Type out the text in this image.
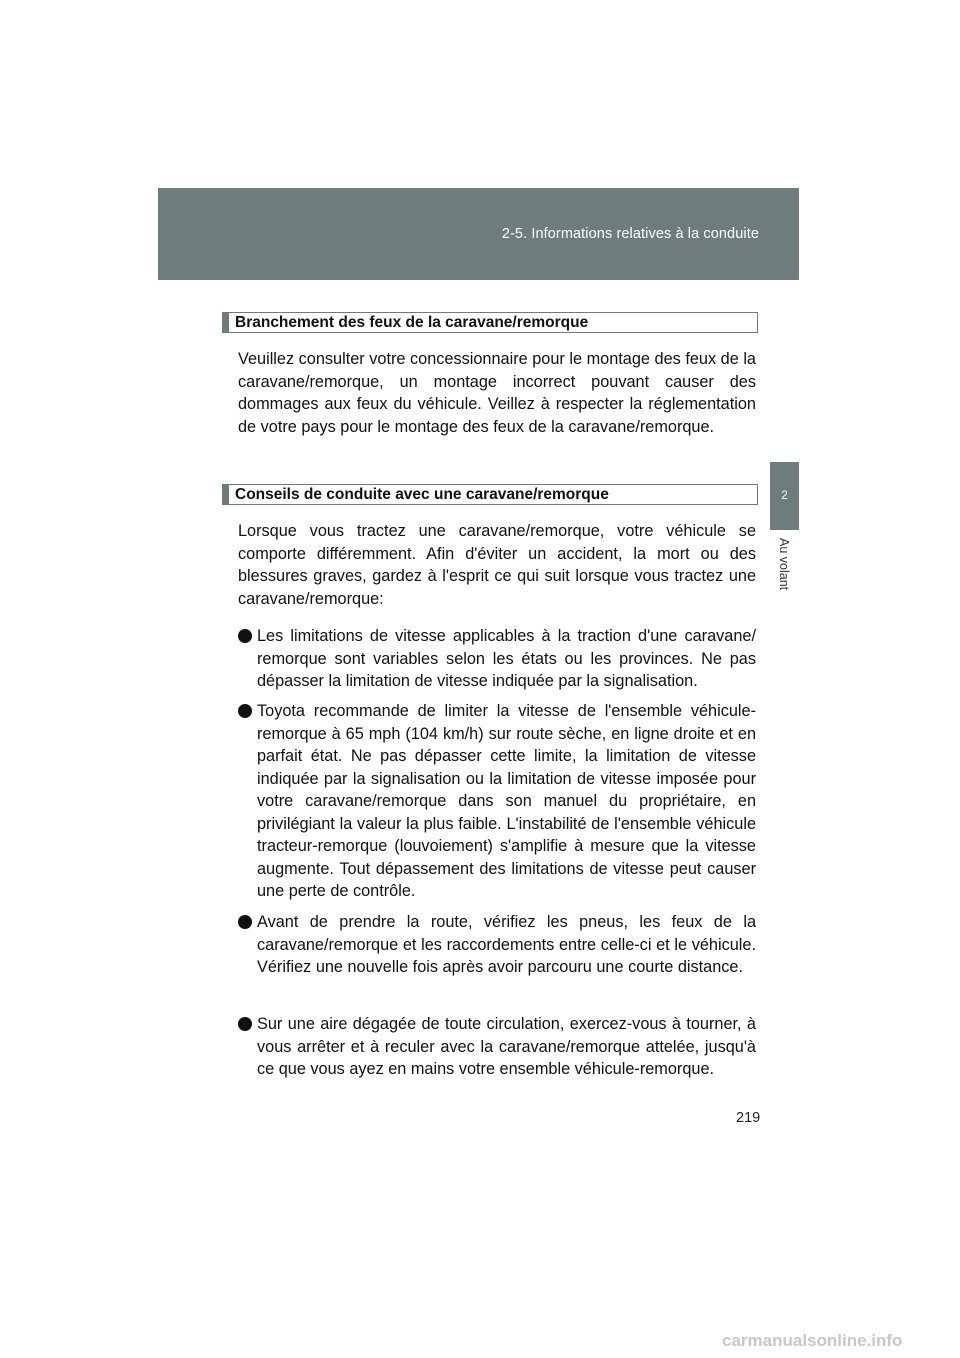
2-5. Informations relatives à la conduite
2
Au volant
Branchement des feux de la caravane/remorque

Veuillez consulter votre concessionnaire pour le montage des feux de la caravane/remorque, un montage incorrect pouvant causer des dommages aux feux du véhicule. Veillez à respecter la réglementation de votre pays pour le montage des feux de la caravane/remorque.

Conseils de conduite avec une caravane/remorque

Lorsque vous tractez une caravane/remorque, votre véhicule se comporte différemment. Afin d'éviter un accident, la mort ou des blessures graves, gardez à l'esprit ce qui suit lorsque vous tractez une caravane/remorque:

Les limitations de vitesse applicables à la traction d'une caravane/ remorque sont variables selon les états ou les provinces. Ne pas dépasser la limitation de vitesse indiquée par la signalisation.

Toyota recommande de limiter la vitesse de l'ensemble véhicule-remorque à 65 mph (104 km/h) sur route sèche, en ligne droite et en parfait état. Ne pas dépasser cette limite, la limitation de vitesse indiquée par la signalisation ou la limitation de vitesse imposée pour votre caravane/remorque dans son manuel du propriétaire, en privilégiant la valeur la plus faible. L'instabilité de l'ensemble véhicule tracteur-remorque (louvoiement) s'amplifie à mesure que la vitesse augmente. Tout dépassement des limitations de vitesse peut causer une perte de contrôle.

Avant de prendre la route, vérifiez les pneus, les feux de la caravane/remorque et les raccordements entre celle-ci et le véhicule. Vérifiez une nouvelle fois après avoir parcouru une courte distance.

Sur une aire dégagée de toute circulation, exercez-vous à tourner, à vous arrêter et à reculer avec la caravane/remorque attelée, jusqu'à ce que vous ayez en mains votre ensemble véhicule-remorque.

219
carmanualsonline.info
